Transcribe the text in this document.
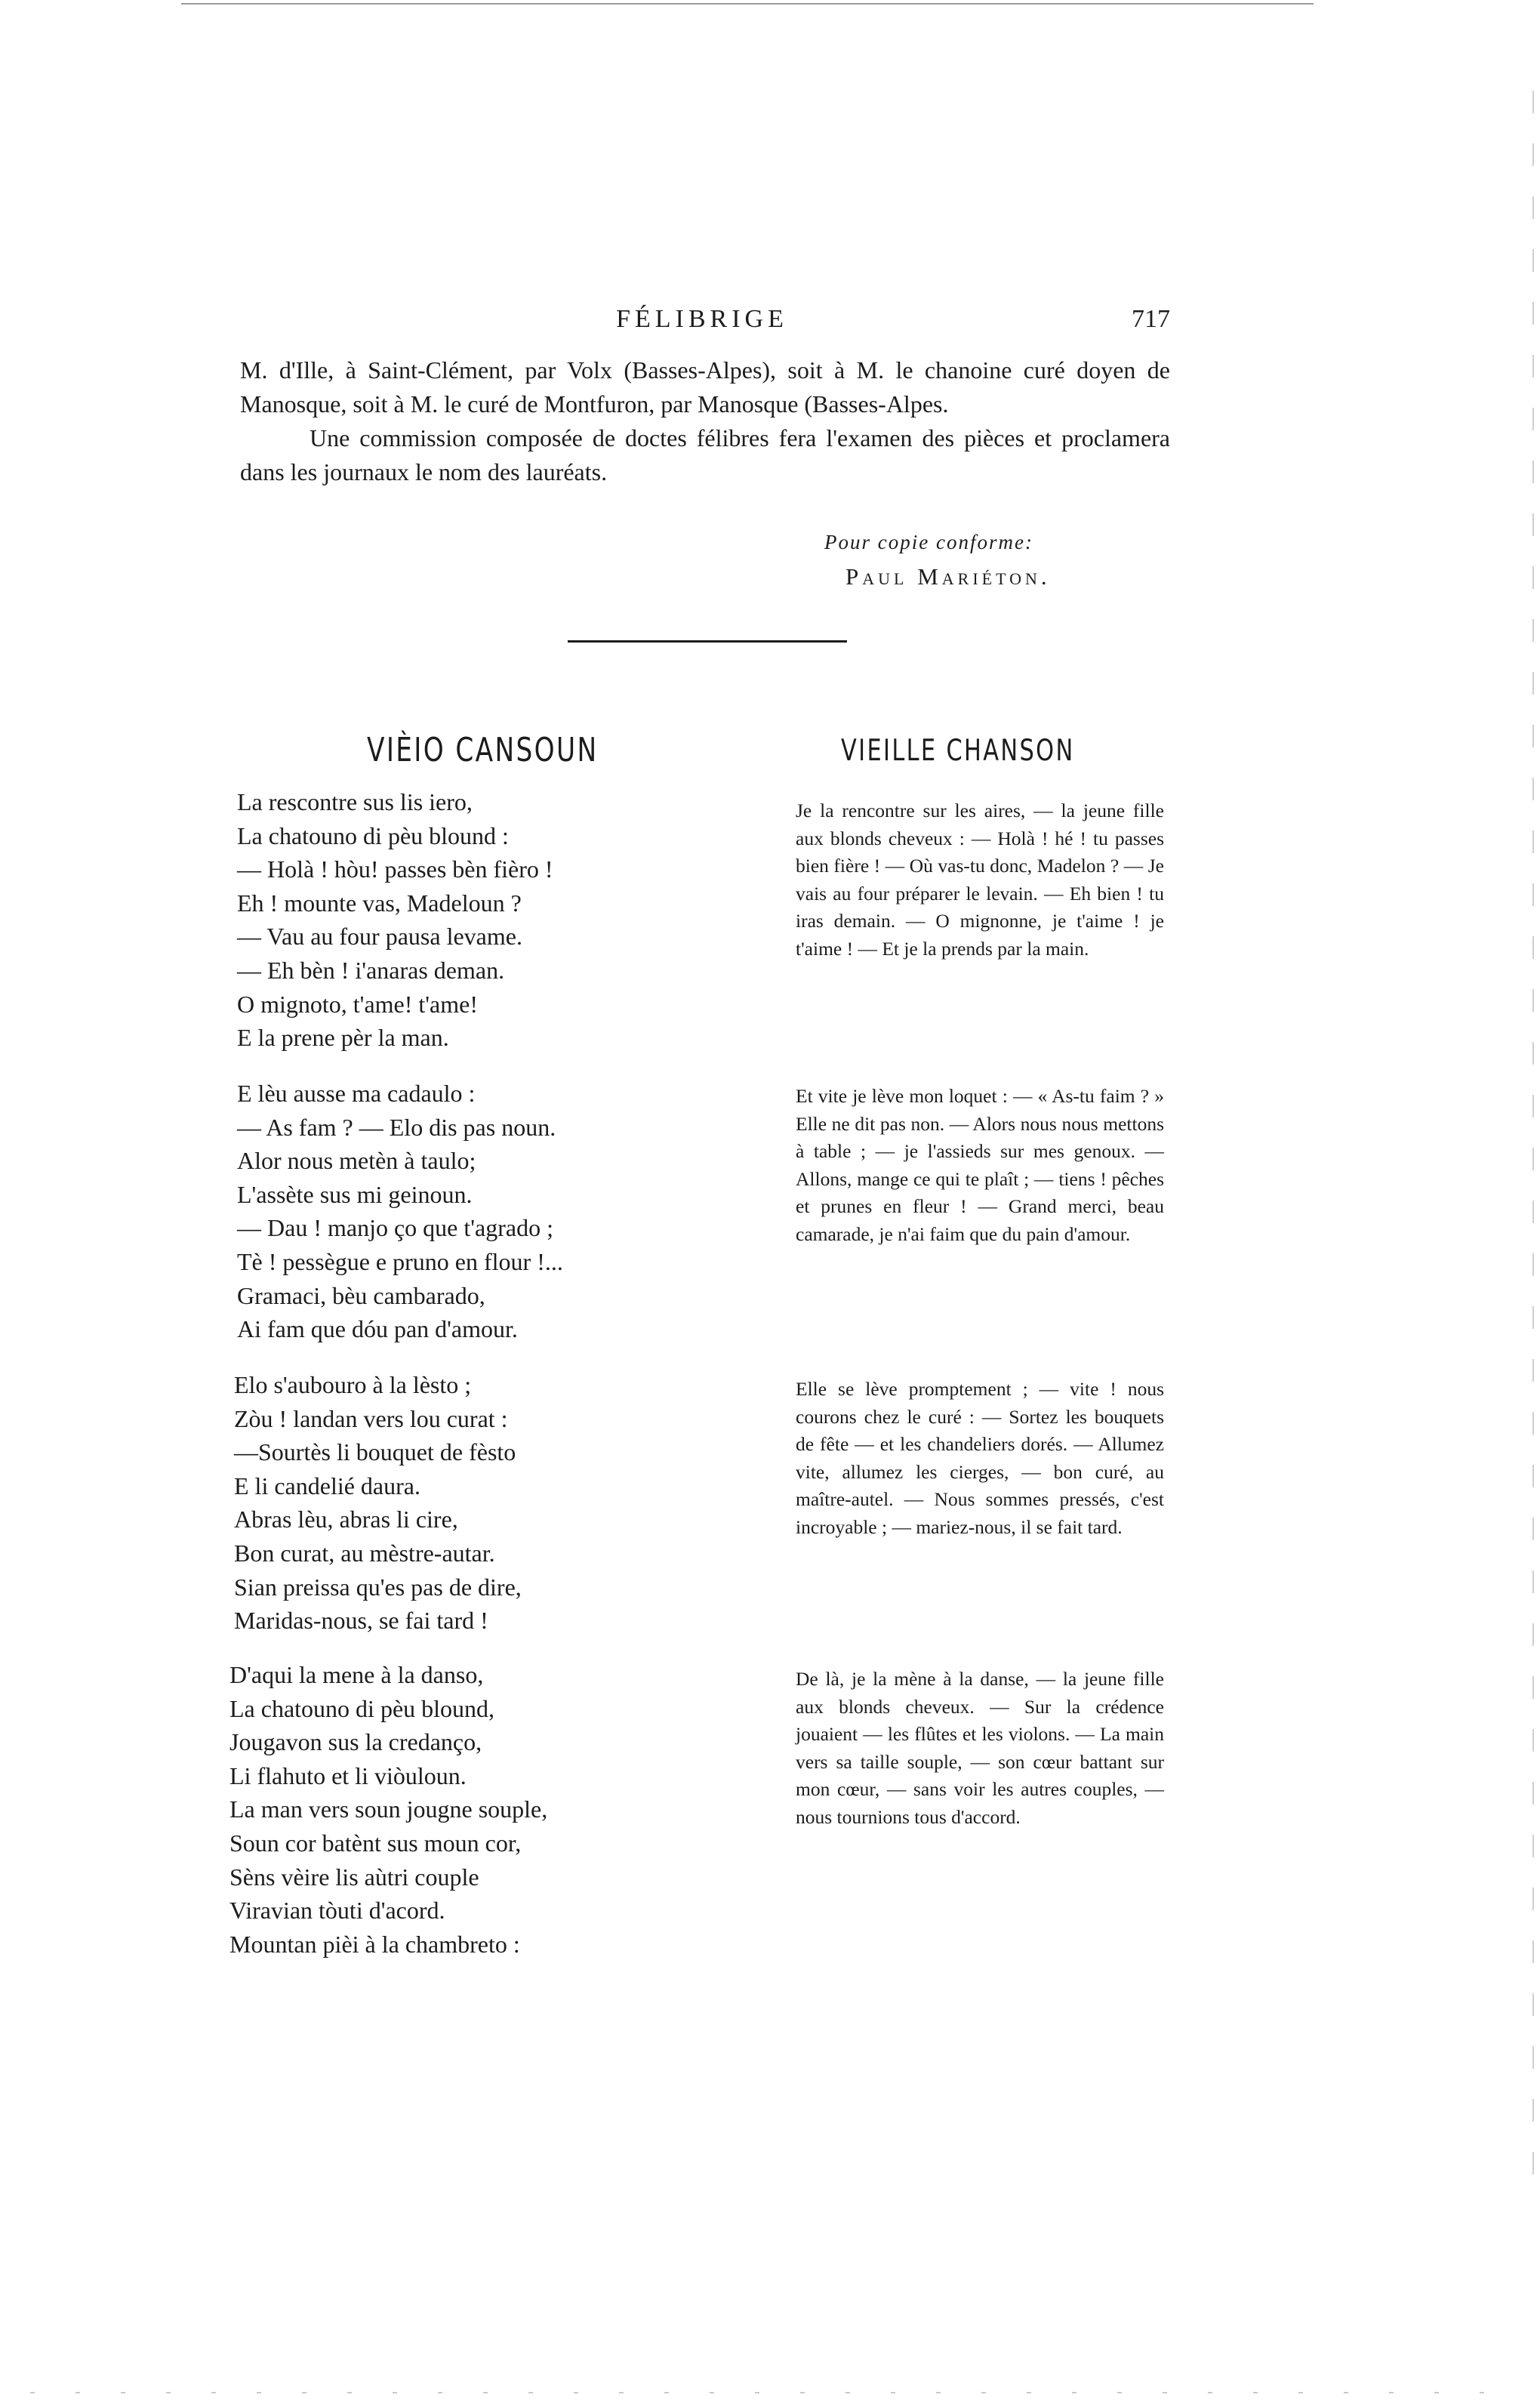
FÉLIBRIGE	717

M. d'Ille, à Saint-Clément, par Volx (Basses-Alpes), soit à M. le chanoine curé doyen de Manosque, soit à M. le curé de Montfuron, par Manosque (Basses-Alpes.

Une commission composée de doctes félibres fera l'examen des pièces et proclamera dans les journaux le nom des lauréats.

Pour copie conforme:
Paul Mariéton.
VIÈIO CANSOUN	VIEILLE CHANSON
La rescontre sus lis iero,
La chatouno di pèu blound :
— Holà ! hòu! passes bèn fièro !
Eh ! mounte vas, Madeloun ?
— Vau au four pausa levame.
— Eh bèn ! i'anaras deman.
O mignoto, t'ame! t'ame!
E la prene pèr la man.
E lèu ausse ma cadaulo :
— As fam ? — Elo dis pas noun.
Alor nous metèn à taulo;
L'assète sus mi geinoun.
— Dau ! manjo ço que t'agrado ;
Tè ! pessègue e pruno en flour !...
Gramaci, bèu cambarado,
Ai fam que dóu pan d'amour.
Elo s'aubouro à la lèsto ;
Zòu ! landan vers lou curat :
—Sourtès li bouquet de fèsto
E li candelié daura.
Abras lèu, abras li cire,
Bon curat, au mèstre-autar.
Sian preissa qu'es pas de dire,
Maridas-nous, se fai tard !
D'aqui la mene à la danso,
La chatouno di pèu blound,
Jougavon sus la credanço,
Li flahuto et li viòuloun.
La man vers soun jougne souple,
Soun cor batènt sus moun cor,
Sèns vèire lis aùtri couple
Viravian tòuti d'acord.
Mountan pièi à la chambreto :

Je la rencontre sur les aires, — la jeune fille aux blonds cheveux : — Holà ! hé ! tu passes bien fière ! — Où vas-tu donc, Madelon ? — Je vais au four préparer le levain. — Eh bien ! tu iras demain. — O mignonne, je t'aime ! je t'aime ! — Et je la prends par la main.

Et vite je lève mon loquet : — « As-tu faim ? » Elle ne dit pas non. — Alors nous nous mettons à table ; — je l'assieds sur mes genoux. — Allons, mange ce qui te plaît ; — tiens ! pêches et prunes en fleur ! — Grand merci, beau camarade, je n'ai faim que du pain d'amour.

Elle se lève promptement ; — vite ! nous courons chez le curé : — Sortez les bouquets de fête — et les chandeliers dorés. — Allumez vite, allumez les cierges, — bon curé, au maître-autel. — Nous sommes pressés, c'est incroyable ; — mariez-nous, il se fait tard.

De là, je la mène à la danse, — la jeune fille aux blonds cheveux. — Sur la crédence jouaient — les flûtes et les violons. — La main vers sa taille souple, — son cœur battant sur mon cœur, — sans voir les autres couples, — nous tournions tous d'accord.
